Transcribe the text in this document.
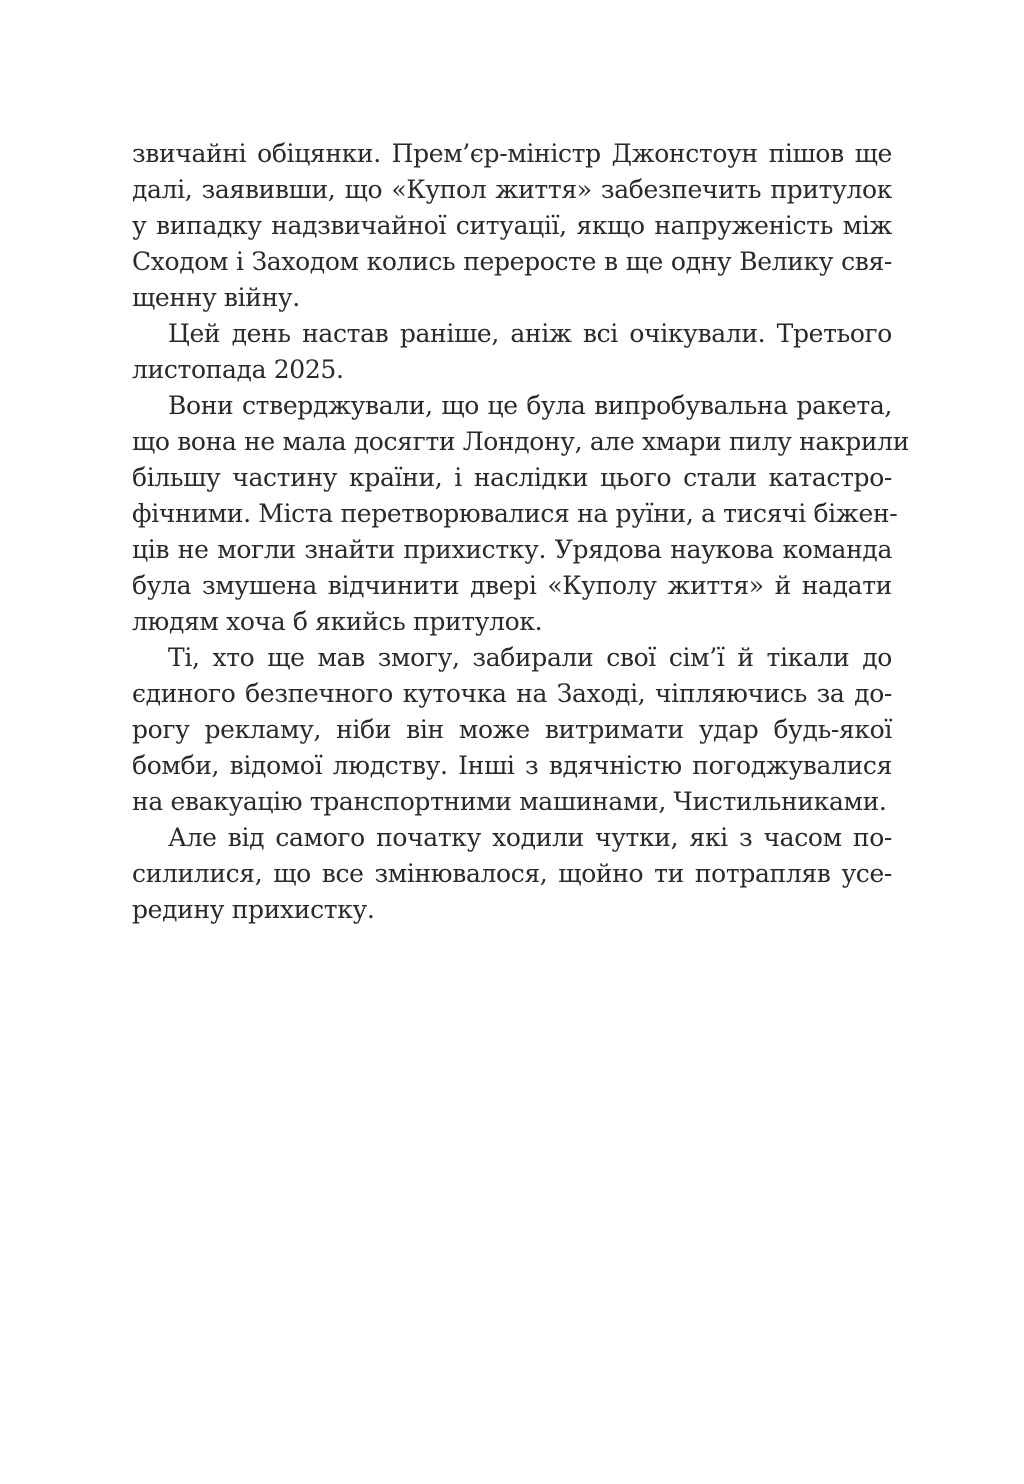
звичайні обіцянки. Прем’єр-міністр Джонстоун пішов ще
далі, заявивши, що «Купол життя» забезпечить притулок
у випадку надзвичайної ситуації, якщо напруженість між
Сходом і Заходом колись переросте в ще одну Велику свя-
щенну війну.
Цей день настав раніше, аніж всі очікували. Третього
листопада 2025.
Вони стверджували, що це була випробувальна ракета,
що вона не мала досягти Лондону, але хмари пилу накрили
більшу частину країни, і наслідки цього стали катастро-
фічними. Міста перетворювалися на руїни, а тисячі біжен-
ців не могли знайти прихистку. Урядова наукова команда
була змушена відчинити двері «Куполу життя» й надати
людям хоча б якийсь притулок.
Ті, хто ще мав змогу, забирали свої сім’ї й тікали до
єдиного безпечного куточка на Заході, чіпляючись за до-
рогу рекламу, ніби він може витримати удар будь-якої
бомби, відомої людству. Інші з вдячністю погоджувалися
на евакуацію транспортними машинами, Чистильниками.
Але від самого початку ходили чутки, які з часом по-
силилися, що все змінювалося, щойно ти потрапляв усе-
редину прихистку.
